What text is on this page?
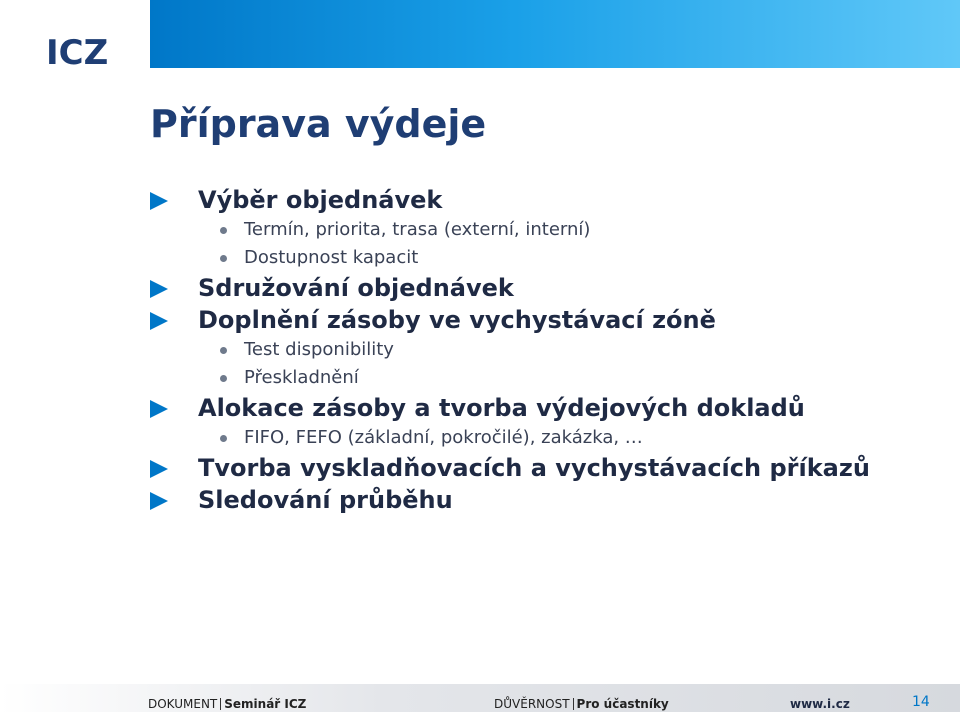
ICZ
Příprava výdeje
Výběr objednávek
Termín, priorita, trasa (externí, interní)
Dostupnost kapacit
Sdružování objednávek
Doplnění zásoby ve vychystávací zóně
Test disponibility
Přeskladnění
Alokace zásoby a tvorba výdejových dokladů
FIFO, FEFO (základní, pokročilé), zakázka, …
Tvorba vyskladňovacích a vychystávacích příkazů
Sledování průběhu
DOKUMENT Seminář ICZ	DŮVĚRNOST Pro účastníky	www.i.cz	14
